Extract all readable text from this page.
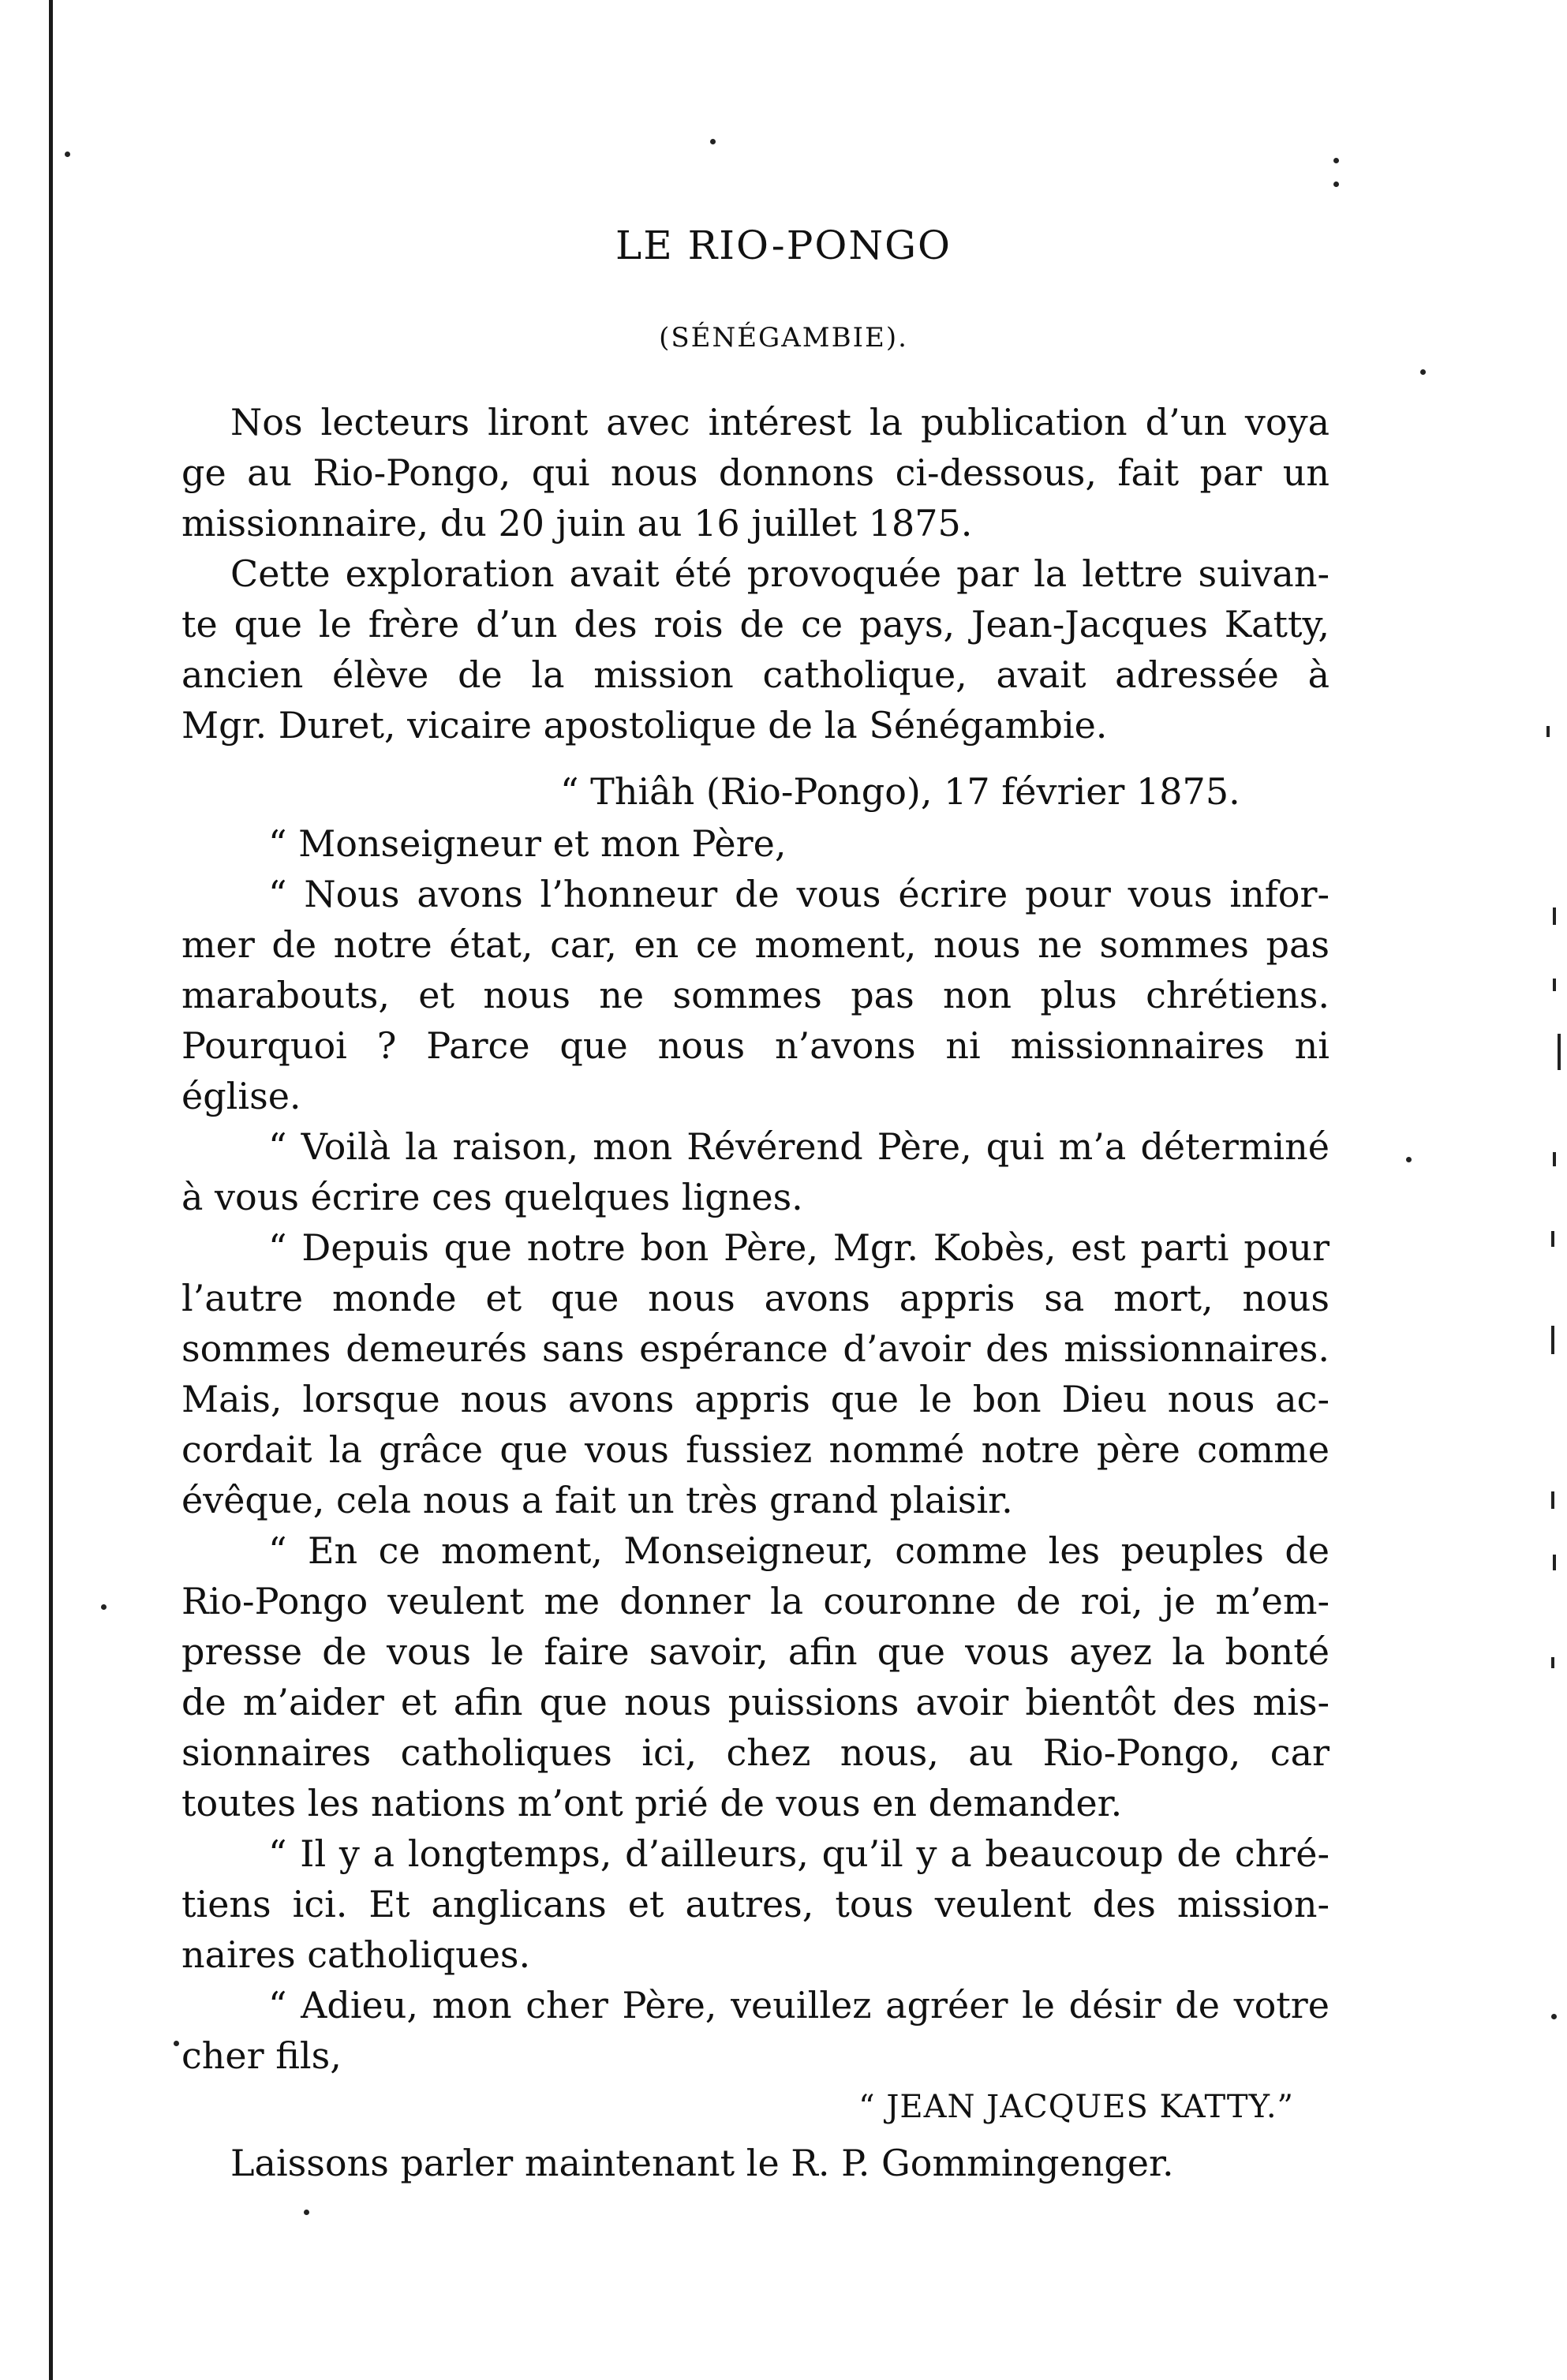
LE RIO-PONGO
(SÉNÉGAMBIE).
Nos lecteurs liront avec intérest la publication d’un voya
ge au Rio-Pongo, qui nous donnons ci-dessous, fait par un
missionnaire, du 20 juin au 16 juillet 1875.
Cette exploration avait été provoquée par la lettre suivan-
te que le frère d’un des rois de ce pays, Jean-Jacques Katty,
ancien élève de la mission catholique, avait adressée à
Mgr. Duret, vicaire apostolique de la Sénégambie.
“ Thiâh (Rio-Pongo), 17 février 1875.
“ Monseigneur et mon Père,
“ Nous avons l’honneur de vous écrire pour vous infor-
mer de notre état, car, en ce moment, nous ne sommes pas
marabouts, et nous ne sommes pas non plus chrétiens.
Pourquoi ? Parce que nous n’avons ni missionnaires ni
église.
“ Voilà la raison, mon Révérend Père, qui m’a déterminé
à vous écrire ces quelques lignes.
“ Depuis que notre bon Père, Mgr. Kobès, est parti pour
l’autre monde et que nous avons appris sa mort, nous
sommes demeurés sans espérance d’avoir des missionnaires.
Mais, lorsque nous avons appris que le bon Dieu nous ac-
cordait la grâce que vous fussiez nommé notre père comme
évêque, cela nous a fait un très grand plaisir.
“ En ce moment, Monseigneur, comme les peuples de
Rio-Pongo veulent me donner la couronne de roi, je m’em-
presse de vous le faire savoir, afin que vous ayez la bonté
de m’aider et afin que nous puissions avoir bientôt des mis-
sionnaires catholiques ici, chez nous, au Rio-Pongo, car
toutes les nations m’ont prié de vous en demander.
“ Il y a longtemps, d’ailleurs, qu’il y a beaucoup de chré-
tiens ici. Et anglicans et autres, tous veulent des mission-
naires catholiques.
“ Adieu, mon cher Père, veuillez agréer le désir de votre
cher fils,
“ JEAN JACQUES KATTY.”
Laissons parler maintenant le R. P. Gommingenger.
